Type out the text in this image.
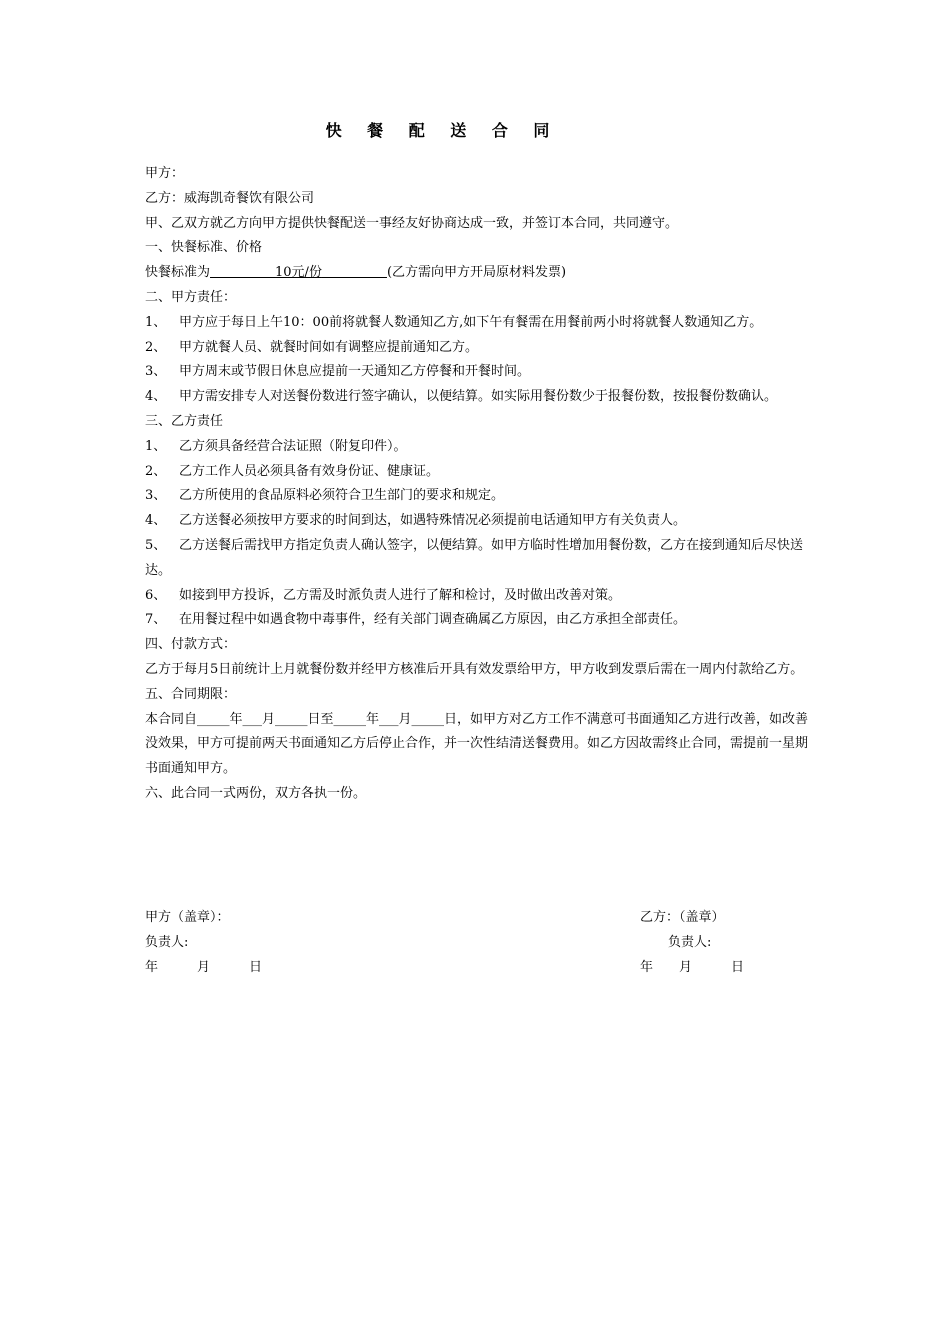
快 餐 配 送 合 同
甲方：
乙方：威海凯奇餐饮有限公司
甲、乙双方就乙方向甲方提供快餐配送一事经友好协商达成一致，并签订本合同，共同遵守。
一、快餐标准、价格
快餐标准为	10元/份	(乙方需向甲方开局原材料发票)
二、甲方责任：
1、 甲方应于每日上午10：00前将就餐人数通知乙方,如下午有餐需在用餐前两小时将就餐人数通知乙方。
2、 甲方就餐人员、就餐时间如有调整应提前通知乙方。
3、 甲方周末或节假日休息应提前一天通知乙方停餐和开餐时间。
4、 甲方需安排专人对送餐份数进行签字确认，以便结算。如实际用餐份数少于报餐份数，按报餐份数确认。
三、乙方责任
1、 乙方须具备经营合法证照（附复印件）。
2、 乙方工作人员必须具备有效身份证、健康证。
3、 乙方所使用的食品原料必须符合卫生部门的要求和规定。
4、 乙方送餐必须按甲方要求的时间到达，如遇特殊情况必须提前电话通知甲方有关负责人。
5、 乙方送餐后需找甲方指定负责人确认签字，以便结算。如甲方临时性增加用餐份数，乙方在接到通知后尽快送达。
6、 如接到甲方投诉，乙方需及时派负责人进行了解和检讨，及时做出改善对策。
7、 在用餐过程中如遇食物中毒事件，经有关部门调查确属乙方原因，由乙方承担全部责任。
四、付款方式：
乙方于每月5日前统计上月就餐份数并经甲方核准后开具有效发票给甲方，甲方收到发票后需在一周内付款给乙方。
五、合同期限：
本合同自_____年___月_____日至_____年___月_____日，如甲方对乙方工作不满意可书面通知乙方进行改善，如改善没效果，甲方可提前两天书面通知乙方后停止合作，并一次性结清送餐费用。如乙方因故需终止合同，需提前一星期书面通知甲方。
六、此合同一式两份，双方各执一份。
甲方（盖章）：
负责人:
年　　　月　　　日
乙方：（盖章）
负责人:
年　　月　　　日
